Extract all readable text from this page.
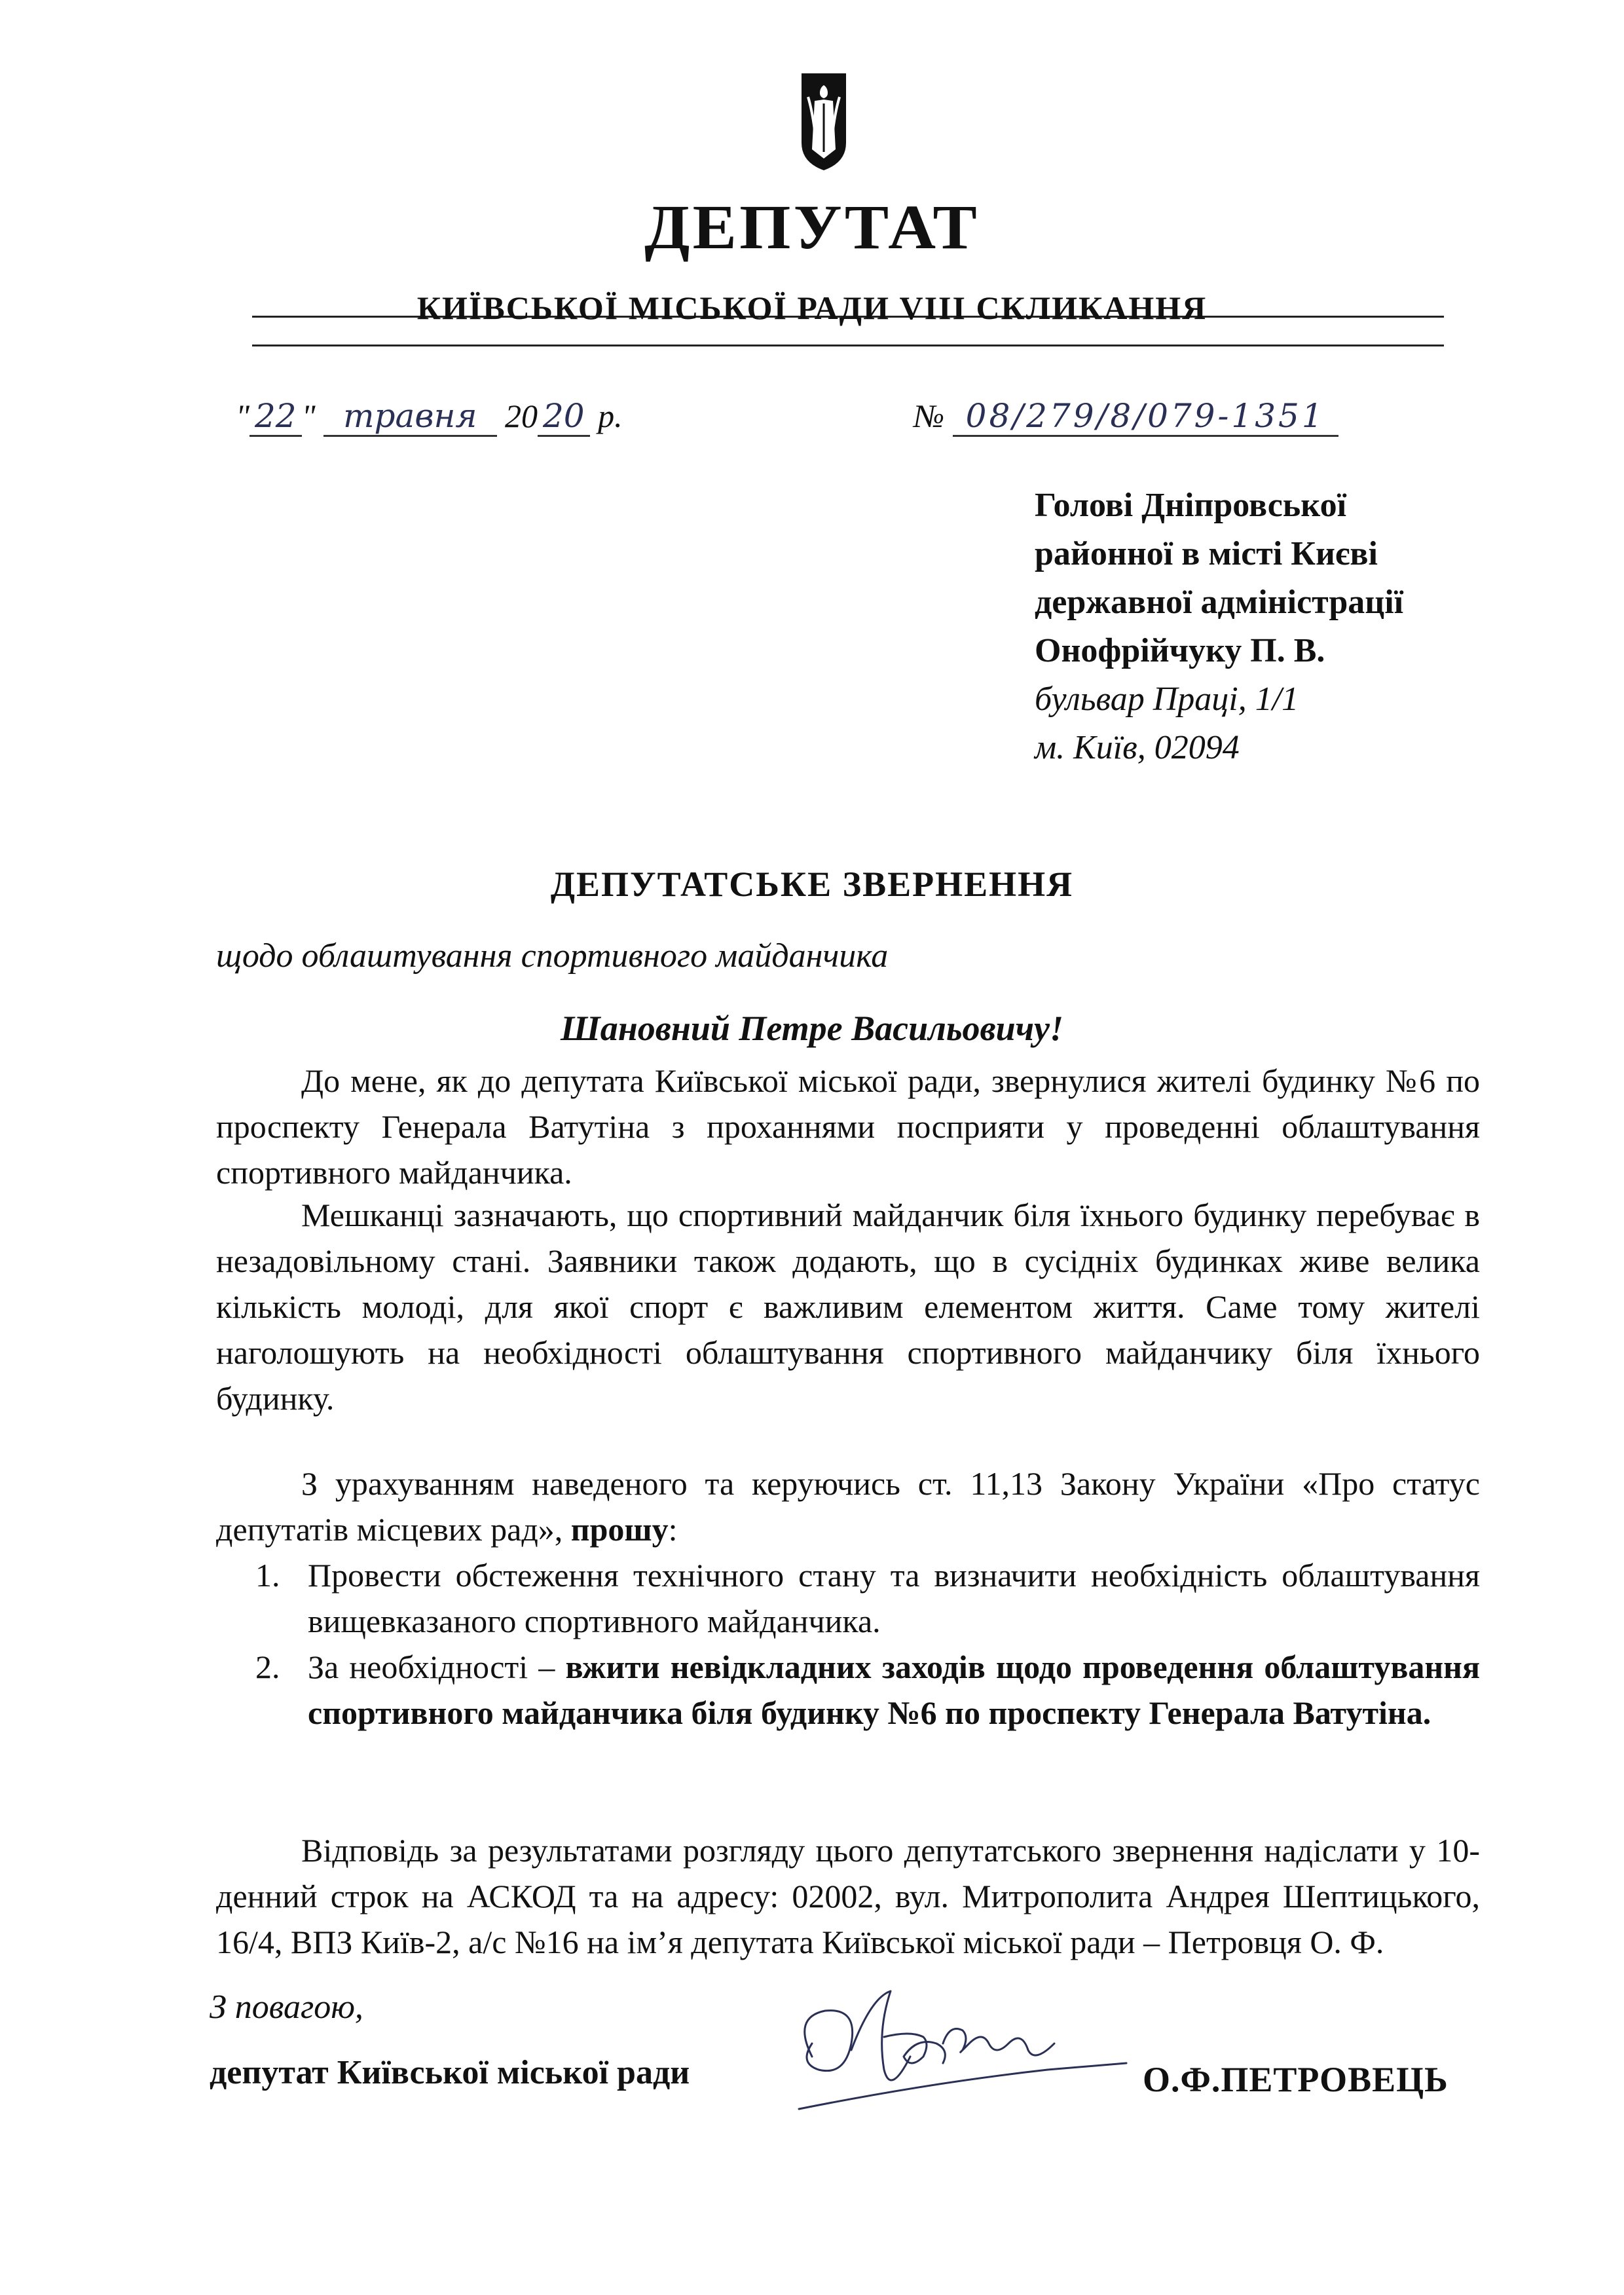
ДЕПУТАТ
КИЇВСЬКОЇ МІСЬКОЇ РАДИ VIII СКЛИКАННЯ
" 22 " травня 20 20 р.	№ 08/279/8/079-1351
Голові Дніпровської
районної в місті Києві
державної адміністрації
Онофрійчуку П. В.
бульвар Праці, 1/1
м. Київ, 02094
ДЕПУТАТСЬКЕ ЗВЕРНЕННЯ
щодо облаштування спортивного майданчика
Шановний Петре Васильовичу!

До мене, як до депутата Київської міської ради, звернулися жителі будинку №6 по проспекту Генерала Ватутіна з проханнями посприяти у проведенні облаштування спортивного майданчика.

Мешканці зазначають, що спортивний майданчик біля їхнього будинку перебуває в незадовільному стані. Заявники також додають, що в сусідніх будинках живе велика кількість молоді, для якої спорт є важливим елементом життя. Саме тому жителі наголошують на необхідності облаштування спортивного майданчику біля їхнього будинку.

З урахуванням наведеного та керуючись ст. 11,13 Закону України «Про статус депутатів місцевих рад», прошу:

1. Провести обстеження технічного стану та визначити необхідність облаштування вищевказаного спортивного майданчика.
2. За необхідності – вжити невідкладних заходів щодо проведення облаштування спортивного майданчика біля будинку №6 по проспекту Генерала Ватутіна.

Відповідь за результатами розгляду цього депутатського звернення надіслати у 10-денний строк на АСКОД та на адресу: 02002, вул. Митрополита Андрея Шептицького, 16/4, ВПЗ Київ-2, а/с №16 на ім’я депутата Київської міської ради – Петровця О. Ф.

З повагою,
депутат Київської міської ради	О.Ф.ПЕТРОВЕЦЬ
